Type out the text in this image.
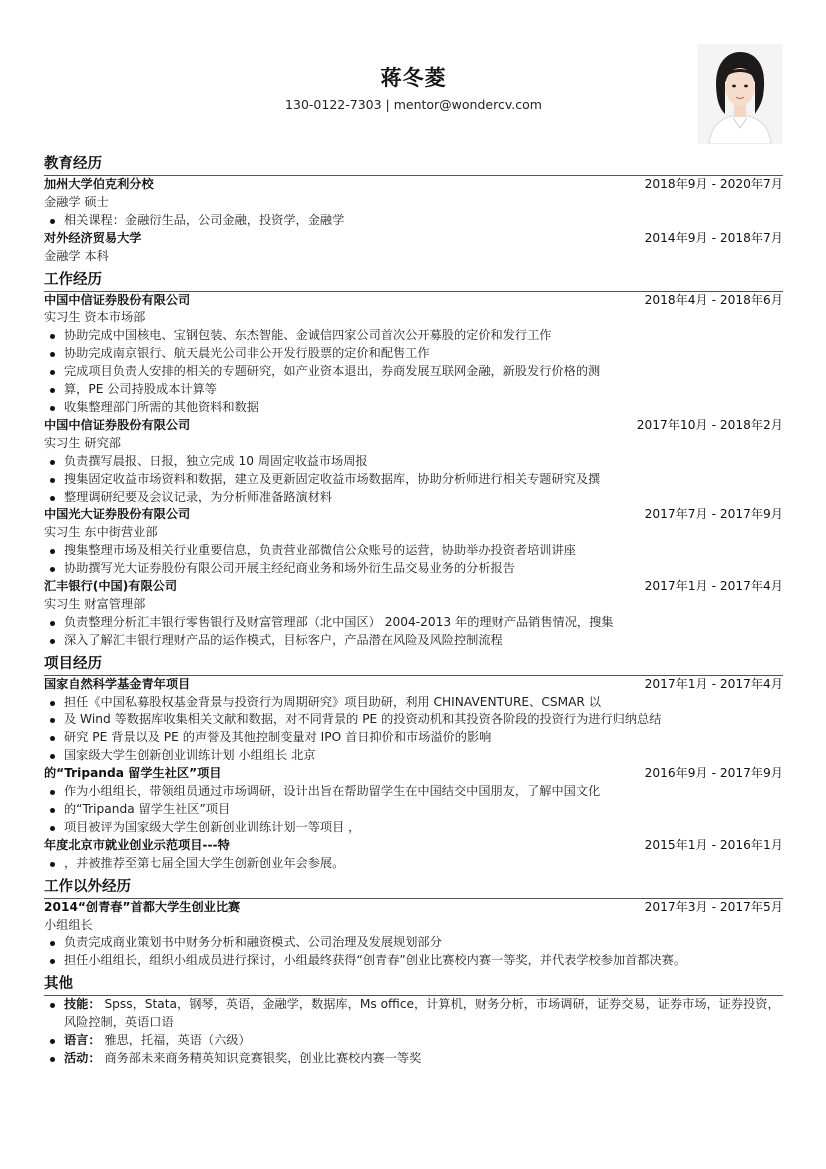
蒋冬菱
130-0122-7303 | mentor@wondercv.com
教育经历
加州大学伯克利分校	2018年9月 - 2020年7月
金融学 硕士
相关课程：金融衍生品，公司金融，投资学，金融学
对外经济贸易大学	2014年9月 - 2018年7月
金融学 本科
工作经历
中国中信证券股份有限公司	2018年4月 - 2018年6月
实习生 资本市场部
协助完成中国核电、宝钢包装、东杰智能、金诚信四家公司首次公开募股的定价和发行工作
协助完成南京银行、航天晨光公司非公开发行股票的定价和配售工作
完成项目负责人安排的相关的专题研究，如产业资本退出，券商发展互联网金融，新股发行价格的测
算，PE 公司持股成本计算等
收集整理部门所需的其他资料和数据
中国中信证券股份有限公司	2017年10月 - 2018年2月
实习生 研究部
负责撰写晨报、日报，独立完成 10 周固定收益市场周报
搜集固定收益市场资料和数据，建立及更新固定收益市场数据库，协助分析师进行相关专题研究及撰
整理调研纪要及会议记录，为分析师准备路演材料
中国光大证券股份有限公司	2017年7月 - 2017年9月
实习生 东中街营业部
搜集整理市场及相关行业重要信息，负责营业部微信公众账号的运营，协助举办投资者培训讲座
协助撰写光大证券股份有限公司开展主经纪商业务和场外衍生品交易业务的分析报告
汇丰银行(中国)有限公司	2017年1月 - 2017年4月
实习生 财富管理部
负责整理分析汇丰银行零售银行及财富管理部（北中国区） 2004-2013 年的理财产品销售情况，搜集
深入了解汇丰银行理财产品的运作模式，目标客户，产品潜在风险及风险控制流程
项目经历
国家自然科学基金青年项目	2017年1月 - 2017年4月
担任《中国私募股权基金背景与投资行为周期研究》项目助研，利用 CHINAVENTURE、CSMAR 以
及 Wind 等数据库收集相关文献和数据，对不同背景的 PE 的投资动机和其投资各阶段的投资行为进行归纳总结
研究 PE 背景以及 PE 的声誉及其他控制变量对 IPO 首日抑价和市场溢价的影响
国家级大学生创新创业训练计划 小组组长 北京
的“Tripanda 留学生社区”项目	2016年9月 - 2017年9月
作为小组组长，带领组员通过市场调研，设计出旨在帮助留学生在中国结交中国朋友，了解中国文化
的“Tripanda 留学生社区”项目
项目被评为国家级大学生创新创业训练计划一等项目 ，
年度北京市就业创业示范项目---特	2015年1月 - 2016年1月
，并被推荐至第七届全国大学生创新创业年会参展。
工作以外经历
2014“创青春”首都大学生创业比赛	2017年3月 - 2017年5月
小组组长
负责完成商业策划书中财务分析和融资模式、公司治理及发展规划部分
担任小组组长，组织小组成员进行探讨，小组最终获得“创青春”创业比赛校内赛一等奖，并代表学校参加首都决赛。
其他
技能： Spss，Stata，钢琴，英语，金融学，数据库，Ms office，计算机，财务分析，市场调研，证券交易，证券市场，证券投资，风险控制，英语口语
语言： 雅思，托福，英语（六级）
活动： 商务部未来商务精英知识竞赛银奖，创业比赛校内赛一等奖
